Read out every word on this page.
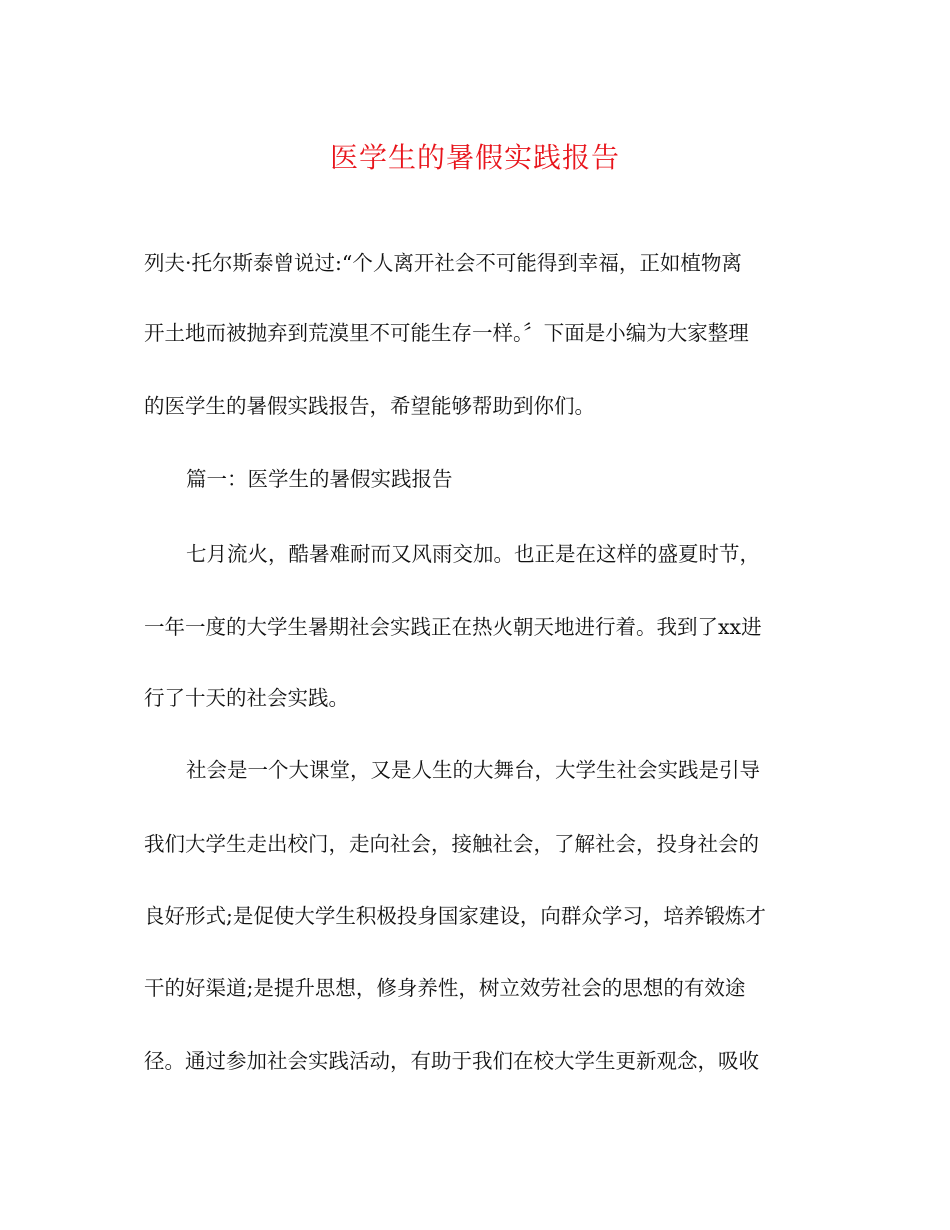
医学生的暑假实践报告

列夫·托尔斯泰曾说过:“个人离开社会不可能得到幸福，正如植物离

开土地而被抛弃到荒漠里不可能生存一样。〞下面是小编为大家整理

的医学生的暑假实践报告，希望能够帮助到你们。

篇一：医学生的暑假实践报告

七月流火，酷暑难耐而又风雨交加。也正是在这样的盛夏时节，

一年一度的大学生暑期社会实践正在热火朝天地进行着。我到了xx进

行了十天的社会实践。

社会是一个大课堂，又是人生的大舞台，大学生社会实践是引导

我们大学生走出校门，走向社会，接触社会，了解社会，投身社会的

良好形式;是促使大学生积极投身国家建设，向群众学习，培养锻炼才

干的好渠道;是提升思想，修身养性，树立效劳社会的思想的有效途

径。通过参加社会实践活动，有助于我们在校大学生更新观念，吸收
